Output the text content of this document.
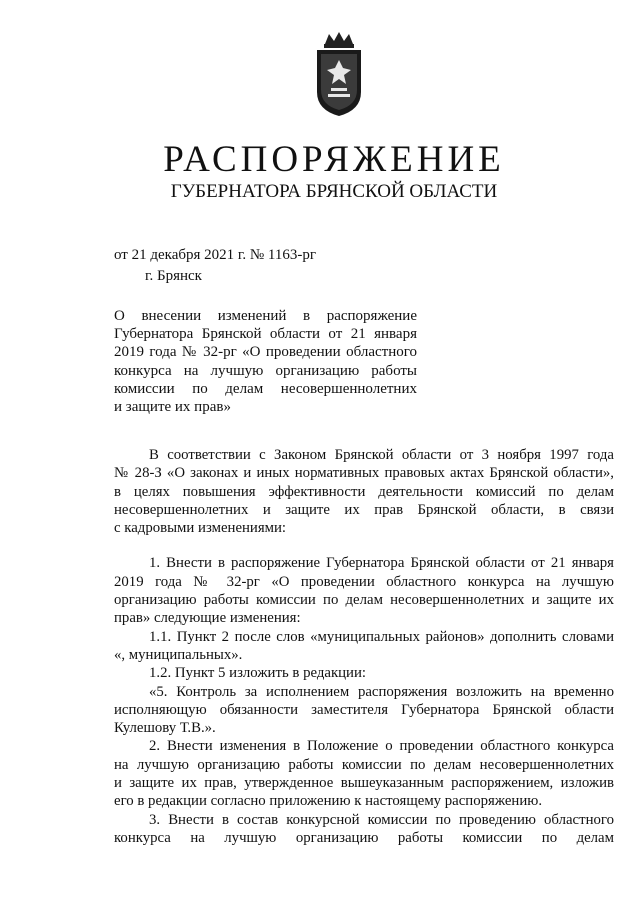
РАСПОРЯЖЕНИЕ
ГУБЕРНАТОРА БРЯНСКОЙ ОБЛАСТИ
от 21 декабря 2021 г. № 1163-рг
г. Брянск
О внесении изменений в распоряжение
Губернатора Брянской области от 21 января
2019 года № 32-рг «О проведении областного
конкурса на лучшую организацию работы
комиссии по делам несовершеннолетних
и защите их прав»
В соответствии с Законом Брянской области от 3 ноября 1997 года
№ 28-З «О законах и иных нормативных правовых актах Брянской области»,
в целях повышения эффективности деятельности комиссий по делам
несовершеннолетних и защите их прав Брянской области, в связи
с кадровыми изменениями:
1. Внести в распоряжение Губернатора Брянской области от 21 января
2019 года № 32-рг «О проведении областного конкурса на лучшую
организацию работы комиссии по делам несовершеннолетних и защите их
прав» следующие изменения:
1.1. Пункт 2 после слов «муниципальных районов» дополнить словами
«, муниципальных».
1.2. Пункт 5 изложить в редакции:
«5. Контроль за исполнением распоряжения возложить на временно
исполняющую обязанности заместителя Губернатора Брянской области
Кулешову Т.В.».
2. Внести изменения в Положение о проведении областного конкурса
на лучшую организацию работы комиссии по делам несовершеннолетних
и защите их прав, утвержденное вышеуказанным распоряжением, изложив
его в редакции согласно приложению к настоящему распоряжению.
3. Внести в состав конкурсной комиссии по проведению областного
конкурса на лучшую организацию работы комиссии по делам
